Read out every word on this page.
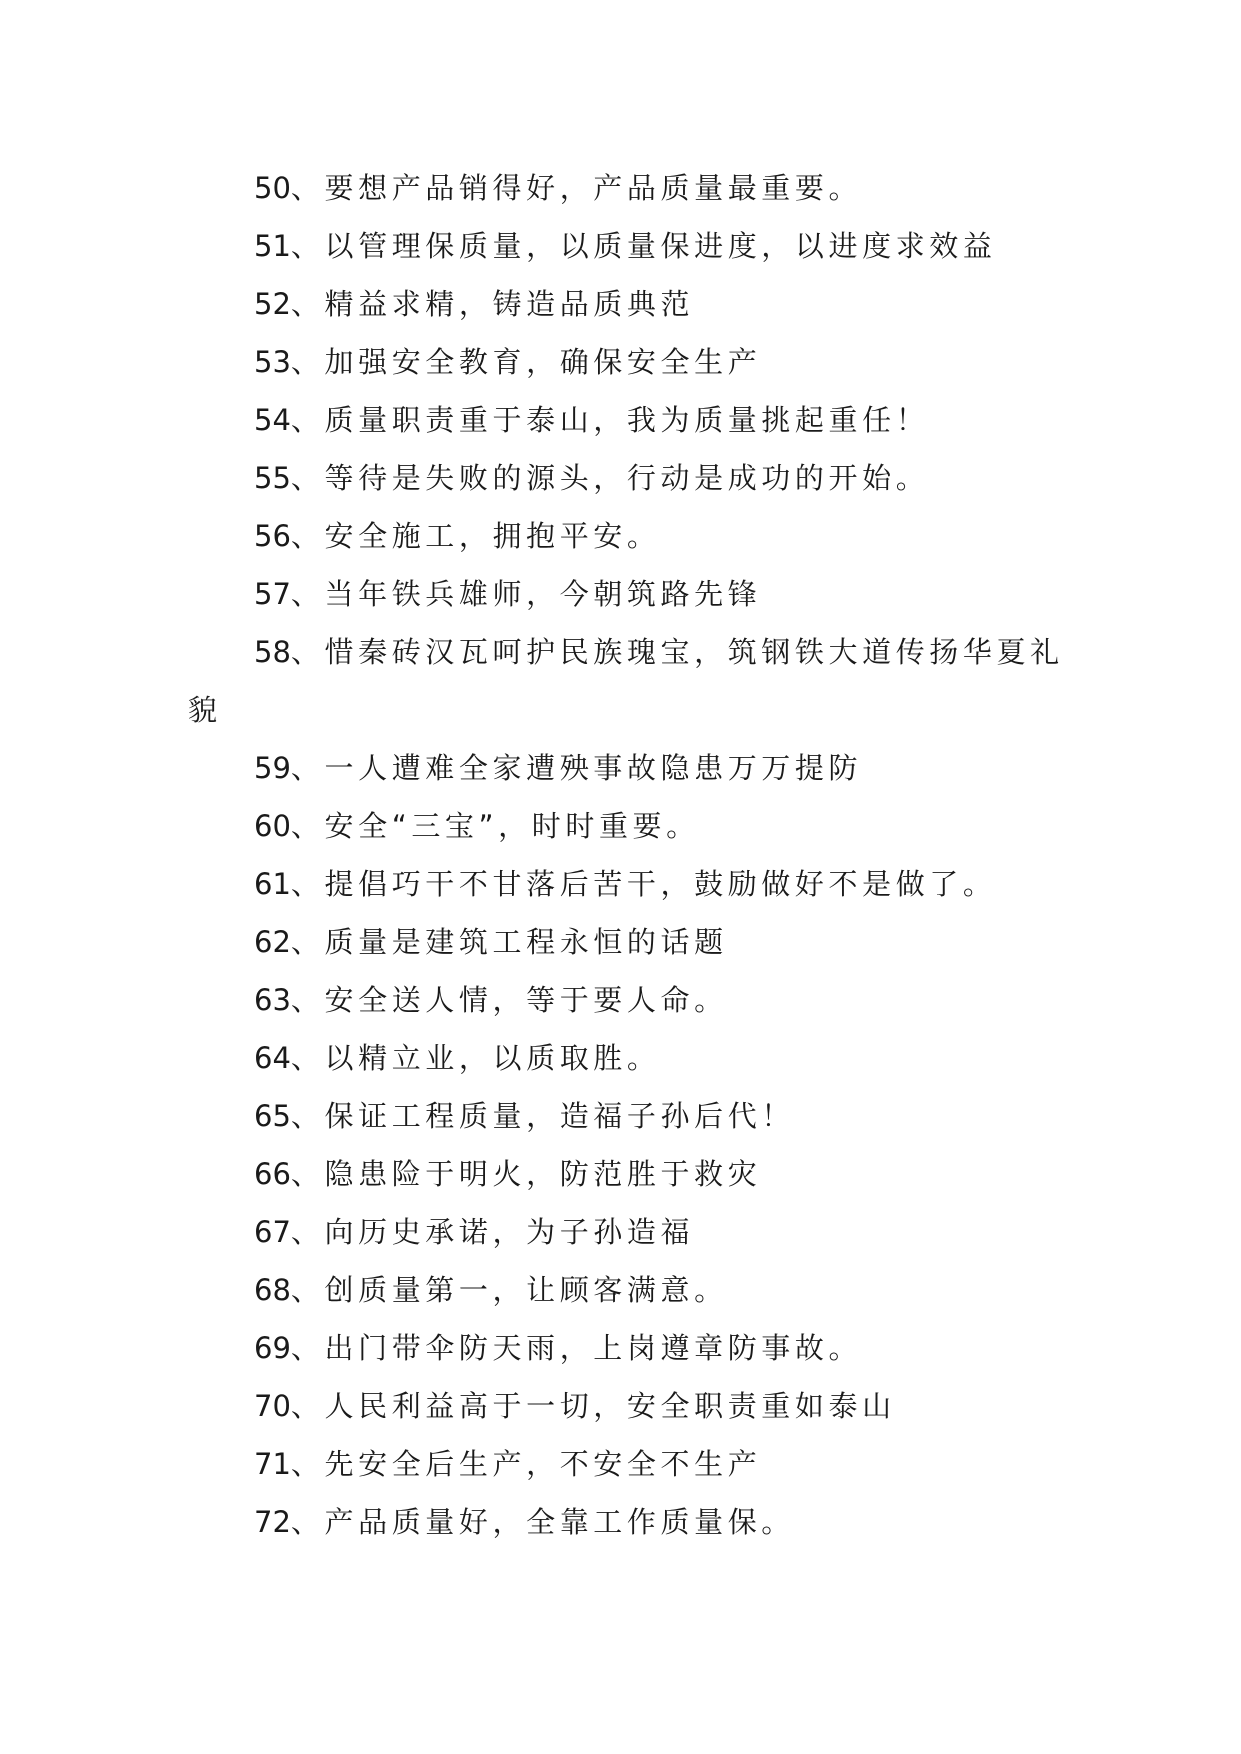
50、要想产品销得好，产品质量最重要。

51、以管理保质量，以质量保进度，以进度求效益

52、精益求精，铸造品质典范

53、加强安全教育，确保安全生产

54、质量职责重于泰山，我为质量挑起重任！

55、等待是失败的源头，行动是成功的开始。

56、安全施工，拥抱平安。

57、当年铁兵雄师，今朝筑路先锋

58、惜秦砖汉瓦呵护民族瑰宝，筑钢铁大道传扬华夏礼貌

59、一人遭难全家遭殃事故隐患万万提防

60、安全“三宝”，时时重要。

61、提倡巧干不甘落后苦干，鼓励做好不是做了。

62、质量是建筑工程永恒的话题

63、安全送人情，等于要人命。

64、以精立业，以质取胜。

65、保证工程质量，造福子孙后代！

66、隐患险于明火，防范胜于救灾

67、向历史承诺，为子孙造福

68、创质量第一，让顾客满意。

69、出门带伞防天雨，上岗遵章防事故。

70、人民利益高于一切，安全职责重如泰山

71、先安全后生产，不安全不生产

72、产品质量好，全靠工作质量保。
